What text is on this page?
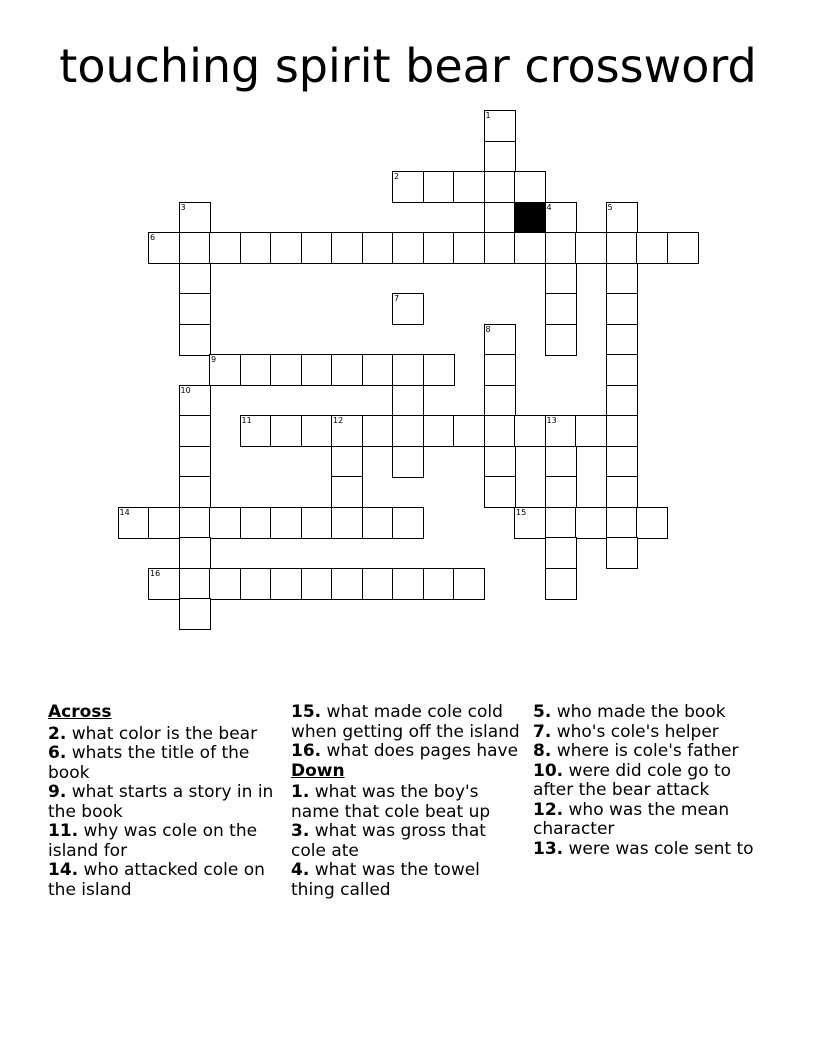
touching spirit bear crossword
1
2
3	4	5
6
7
8
9
10
11	12	13
14	15
16
Across
2. what color is the bear
6. whats the title of the book
9. what starts a story in in the book
11. why was cole on the island for
14. who attacked cole on the island
15. what made cole cold when getting off the island
16. what does pages have
Down
1. what was the boy's name that cole beat up
3. what was gross that cole ate
4. what was the towel thing called
5. who made the book
7. who's cole's helper
8. where is cole's father
10. were did cole go to after the bear attack
12. who was the mean character
13. were was cole sent to
